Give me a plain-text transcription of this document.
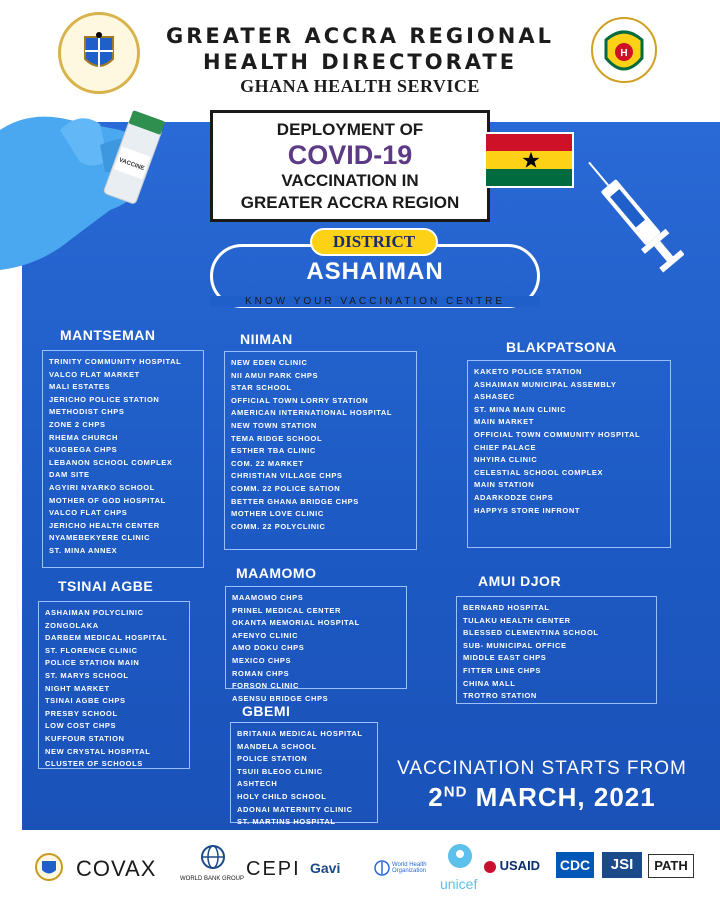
GREATER ACCRA REGIONAL
HEALTH DIRECTORATE
GHANA HEALTH SERVICE
H
VACCINE
DEPLOYMENT OF
COVID-19
VACCINATION IN
GREATER ACCRA REGION
DISTRICT
ASHAIMAN
KNOW YOUR VACCINATION CENTRE
MANTSEMAN
TRINITY COMMUNITY HOSPITAL
VALCO FLAT MARKET
MALI ESTATES
JERICHO POLICE STATION
METHODIST CHPS
ZONE 2 CHPS
RHEMA CHURCH
KUGBEGA CHPS
LEBANON SCHOOL COMPLEX
DAM SITE
AGYIRI NYARKO SCHOOL
MOTHER OF GOD HOSPITAL
VALCO FLAT CHPS
JERICHO HEALTH CENTER
NYAMEBEKYERE CLINIC
ST. MINA ANNEX
NIIMAN
NEW EDEN CLINIC
NII AMUI PARK CHPS
STAR SCHOOL
OFFICIAL TOWN LORRY STATION
AMERICAN INTERNATIONAL HOSPITAL
NEW TOWN STATION
TEMA RIDGE SCHOOL
ESTHER TBA CLINIC
COM. 22 MARKET
CHRISTIAN VILLAGE CHPS
COMM. 22 POLICE SATION
BETTER GHANA BRIDGE CHPS
MOTHER LOVE CLINIC
COMM. 22 POLYCLINIC
BLAKPATSONA
KAKETO POLICE STATION
ASHAIMAN MUNICIPAL ASSEMBLY
ASHASEC
ST. MINA MAIN CLINIC
MAIN MARKET
OFFICIAL TOWN COMMUNITY HOSPITAL
CHIEF PALACE
NHYIRA CLINIC
CELESTIAL SCHOOL COMPLEX
MAIN STATION
ADARKODZE CHPS
HAPPYS STORE INFRONT
TSINAI AGBE
ASHAIMAN POLYCLINIC
ZONGOLAKA
DARBEM MEDICAL HOSPITAL
ST. FLORENCE CLINIC
POLICE STATION MAIN
ST. MARYS SCHOOL
NIGHT MARKET
TSINAI AGBE CHPS
PRESBY SCHOOL
LOW COST CHPS
KUFFOUR STATION
NEW CRYSTAL HOSPITAL
CLUSTER OF SCHOOLS
MAAMOMO
MAAMOMO CHPS
PRINEL MEDICAL CENTER
OKANTA MEMORIAL HOSPITAL
AFENYO CLINIC
AMO DOKU CHPS
MEXICO CHPS
ROMAN CHPS
FORSON CLINIC
ASENSU BRIDGE CHPS
AMUI DJOR
BERNARD HOSPITAL
TULAKU HEALTH CENTER
BLESSED CLEMENTINA SCHOOL
SUB- MUNICIPAL OFFICE
MIDDLE EAST CHPS
FITTER LINE CHPS
CHINA MALL
TROTRO STATION
GBEMI
BRITANIA MEDICAL HOSPITAL
MANDELA SCHOOL
POLICE STATION
TSUII BLEOO CLINIC
ASHTECH
HOLY CHILD SCHOOL
ADONAI MATERNITY CLINIC
ST. MARTINS HOSPITAL
VACCINATION STARTS FROM
2ND MARCH, 2021
COVAX	WORLD BANK GROUP CEPI Gavi	World Health Organization
unicef
USAID CDC	JSI	PATH
